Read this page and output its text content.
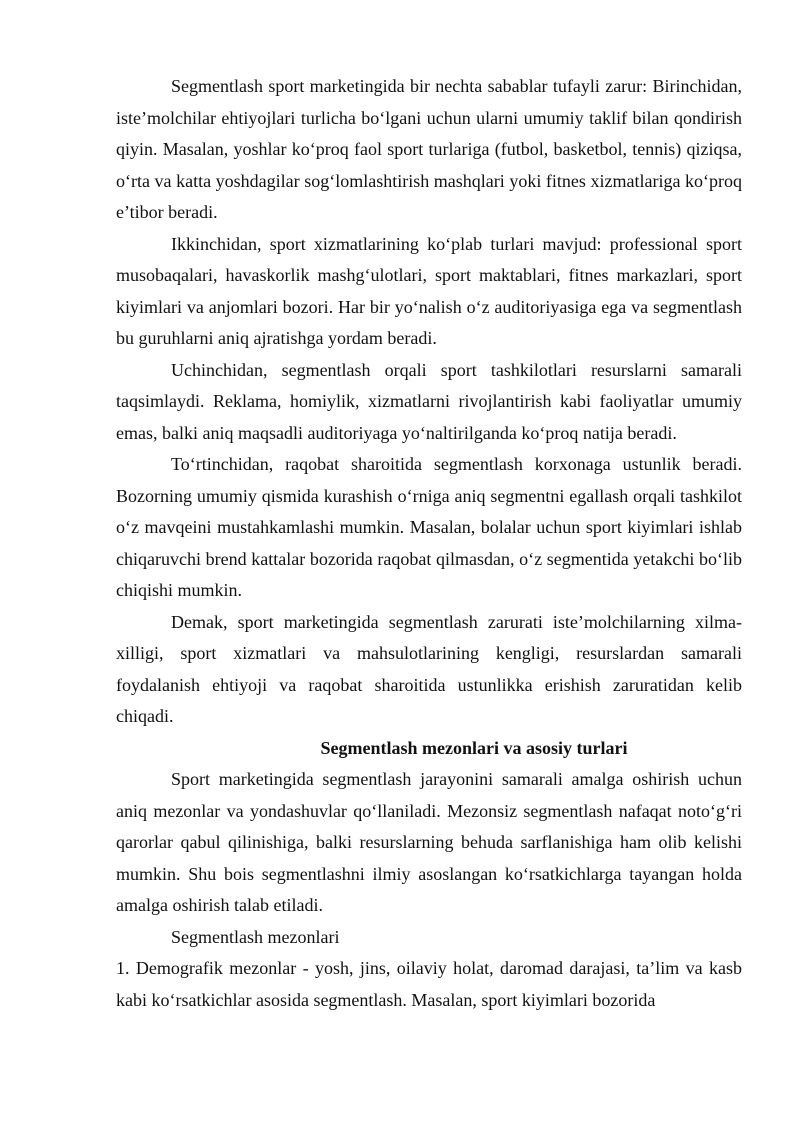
Segmentlash sport marketingida bir nechta sabablar tufayli zarur: Birinchidan, iste’molchilar ehtiyojlari turlicha bo‘lgani uchun ularni umumiy taklif bilan qondirish qiyin. Masalan, yoshlar ko‘proq faol sport turlariga (futbol, basketbol, tennis) qiziqsa, o‘rta va katta yoshdagilar sog‘lomlashtirish mashqlari yoki fitnes xizmatlariga ko‘proq e’tibor beradi.

Ikkinchidan, sport xizmatlarining ko‘plab turlari mavjud: professional sport musobaqalari, havaskorlik mashg‘ulotlari, sport maktablari, fitnes markazlari, sport kiyimlari va anjomlari bozori. Har bir yo‘nalish o‘z auditoriyasiga ega va segmentlash bu guruhlarni aniq ajratishga yordam beradi.

Uchinchidan, segmentlash orqali sport tashkilotlari resurslarni samarali taqsimlaydi. Reklama, homiylik, xizmatlarni rivojlantirish kabi faoliyatlar umumiy emas, balki aniq maqsadli auditoriyaga yo‘naltirilganda ko‘proq natija beradi.

To‘rtinchidan, raqobat sharoitida segmentlash korxonaga ustunlik beradi. Bozorning umumiy qismida kurashish o‘rniga aniq segmentni egallash orqali tashkilot o‘z mavqeini mustahkamlashi mumkin. Masalan, bolalar uchun sport kiyimlari ishlab chiqaruvchi brend kattalar bozorida raqobat qilmasdan, o‘z segmentida yetakchi bo‘lib chiqishi mumkin.

Demak, sport marketingida segmentlash zarurati iste’molchilarning xilma-xilligi, sport xizmatlari va mahsulotlarining kengligi, resurslardan samarali foydalanish ehtiyoji va raqobat sharoitida ustunlikka erishish zaruratidan kelib chiqadi.

Segmentlash mezonlari va asosiy turlari

Sport marketingida segmentlash jarayonini samarali amalga oshirish uchun aniq mezonlar va yondashuvlar qo‘llaniladi. Mezonsiz segmentlash nafaqat noto‘g‘ri qarorlar qabul qilinishiga, balki resurslarning behuda sarflanishiga ham olib kelishi mumkin. Shu bois segmentlashni ilmiy asoslangan ko‘rsatkichlarga tayangan holda amalga oshirish talab etiladi.

Segmentlash mezonlari

1. Demografik mezonlar - yosh, jins, oilaviy holat, daromad darajasi, ta’lim va kasb kabi ko‘rsatkichlar asosida segmentlash. Masalan, sport kiyimlari bozorida
